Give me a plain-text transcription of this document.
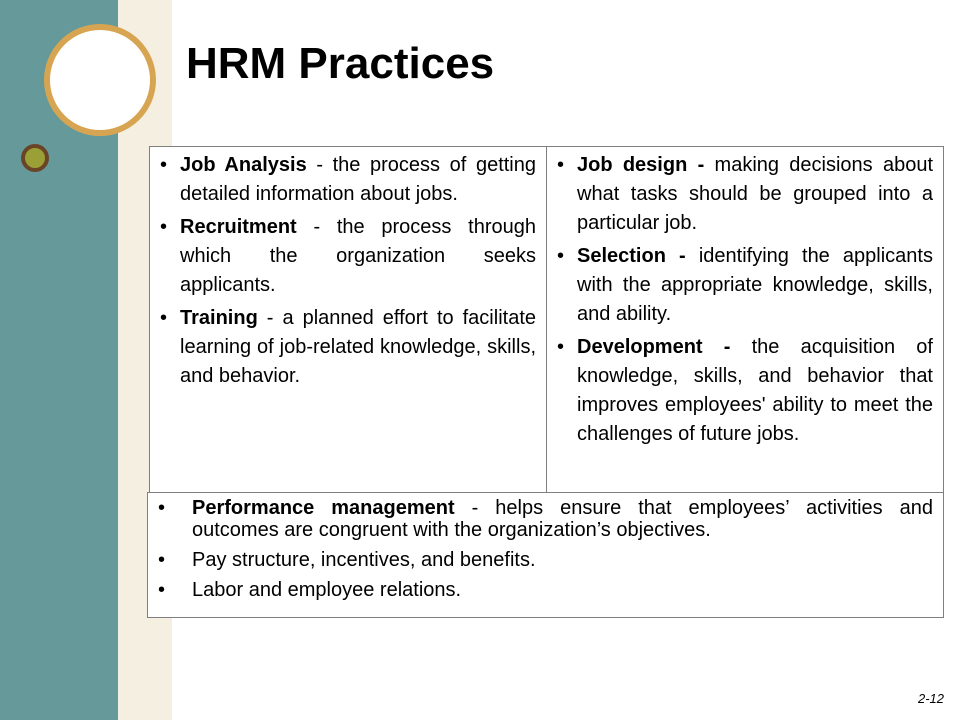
HRM Practices
• Job Analysis - the process of getting detailed information about jobs.
• Recruitment - the process through which the organization seeks applicants.
• Training - a planned effort to facilitate learning of job-related knowledge, skills, and behavior.
• Job design - making decisions about what tasks should be grouped into a particular job.
• Selection - identifying the applicants with the appropriate knowledge, skills, and ability.
• Development - the acquisition of knowledge, skills, and behavior that improves employees' ability to meet the challenges of future jobs.
• Performance management - helps ensure that employees’ activities and outcomes are congruent with the organization’s objectives.
• Pay structure, incentives, and benefits.
• Labor and employee relations.
2-12
